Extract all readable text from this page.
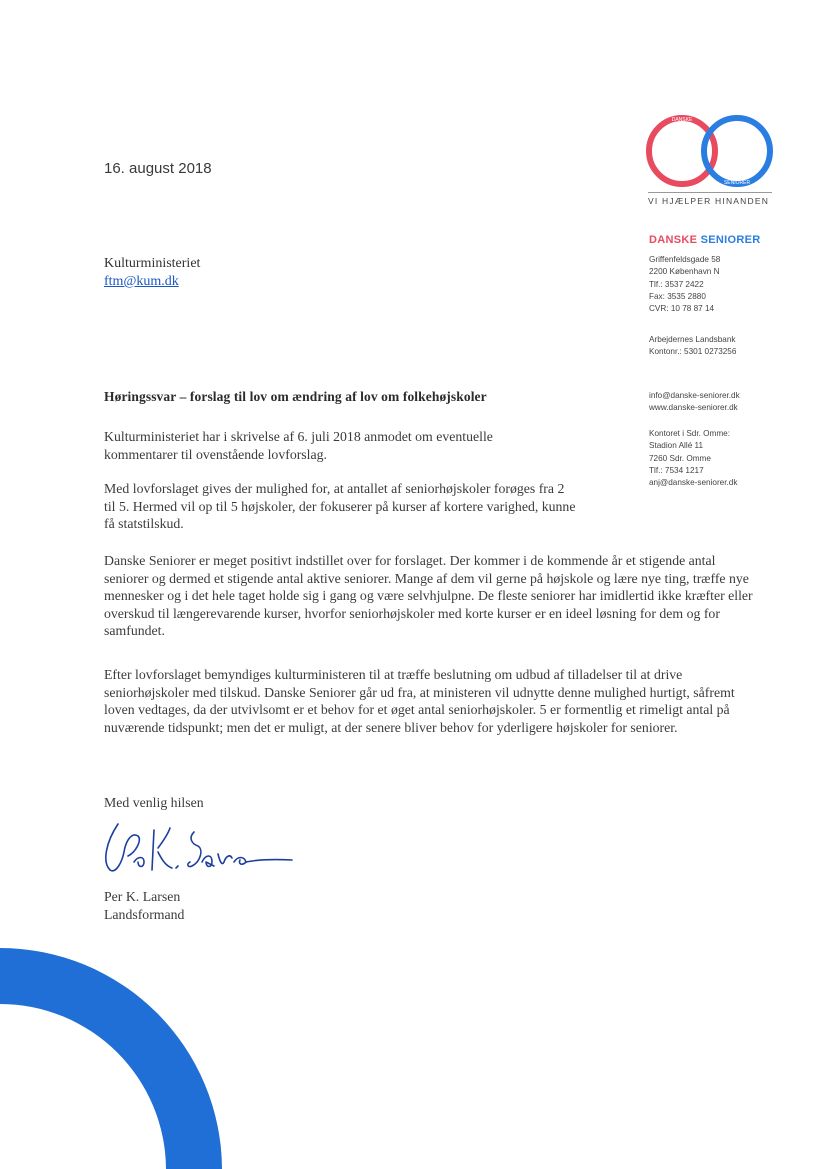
DANSKE
SENIORER
VI HJÆLPER HINANDEN
DANSKE SENIORER
Griffenfeldsgade 58
2200 København N
Tlf.: 3537 2422
Fax: 3535 2880
CVR: 10 78 87 14
Arbejdernes Landsbank
Kontonr.: 5301 0273256
info@danske-seniorer.dk
www.danske-seniorer.dk
Kontoret i Sdr. Omme:
Stadion Allé 11
7260 Sdr. Omme
Tlf.: 7534 1217
anj@danske-seniorer.dk
16. august 2018
Kulturministeriet
ftm@kum.dk
Høringssvar – forslag til lov om ændring af lov om folkehøjskoler

Kulturministeriet har i skrivelse af 6. juli 2018 anmodet om eventuelle kommentarer til ovenstående lovforslag.

Med lovforslaget gives der mulighed for, at antallet af seniorhøjskoler forøges fra 2 til 5. Hermed vil op til 5 højskoler, der fokuserer på kurser af kortere varighed, kunne få statstilskud.

Danske Seniorer er meget positivt indstillet over for forslaget. Der kommer i de kommende år et stigende antal seniorer og dermed et stigende antal aktive seniorer. Mange af dem vil gerne på højskole og lære nye ting, træffe nye mennesker og i det hele taget holde sig i gang og være selvhjulpne. De fleste seniorer har imidlertid ikke kræfter eller overskud til længerevarende kurser, hvorfor seniorhøjskoler med korte kurser er en ideel løsning for dem og for samfundet.

Efter lovforslaget bemyndiges kulturministeren til at træffe beslutning om udbud af tilladelser til at drive seniorhøjskoler med tilskud. Danske Seniorer går ud fra, at ministeren vil udnytte denne mulighed hurtigt, såfremt loven vedtages, da der utvivlsomt er et behov for et øget antal seniorhøjskoler. 5 er formentlig et rimeligt antal på nuværende tidspunkt; men det er muligt, at der senere bliver behov for yderligere højskoler for seniorer.

Med venlig hilsen
Per K. Larsen
Landsformand
